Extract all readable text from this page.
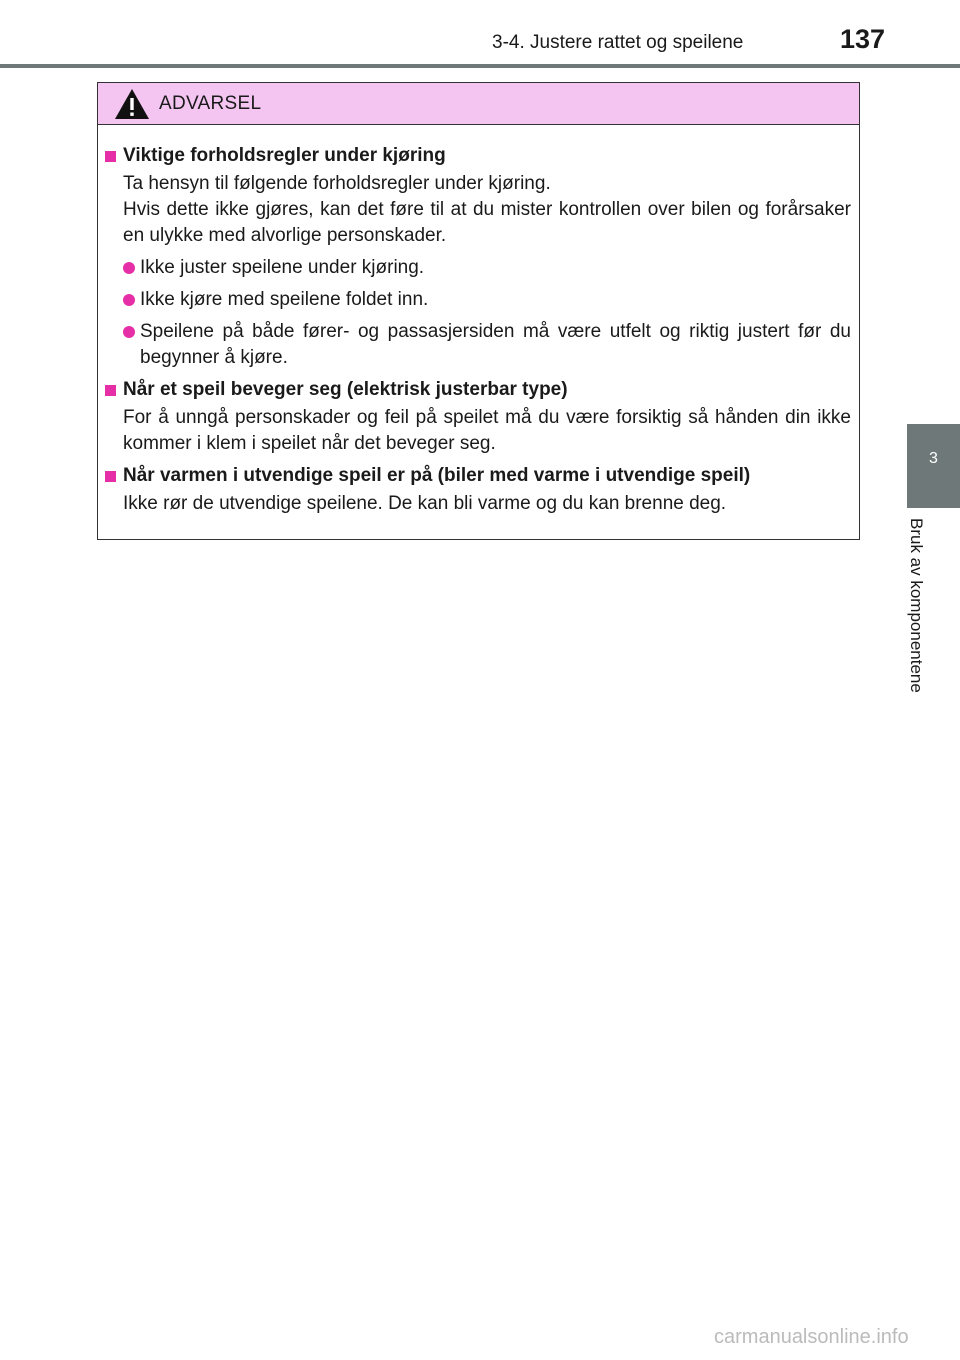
3-4. Justere rattet og speilene	137
3
Bruk av komponentene
ADVARSEL
Viktige forholdsregler under kjøring

Ta hensyn til følgende forholdsregler under kjøring.

Hvis dette ikke gjøres, kan det føre til at du mister kontrollen over bilen og forårsaker en ulykke med alvorlige personskader.

Ikke juster speilene under kjøring.
Ikke kjøre med speilene foldet inn.
Speilene på både fører- og passasjersiden må være utfelt og riktig justert før du begynner å kjøre.
Når et speil beveger seg (elektrisk justerbar type)

For å unngå personskader og feil på speilet må du være forsiktig så hånden din ikke kommer i klem i speilet når det beveger seg.

Når varmen i utvendige speil er på (biler med varme i utvendige speil)

Ikke rør de utvendige speilene. De kan bli varme og du kan brenne deg.

carmanualsonline.info
